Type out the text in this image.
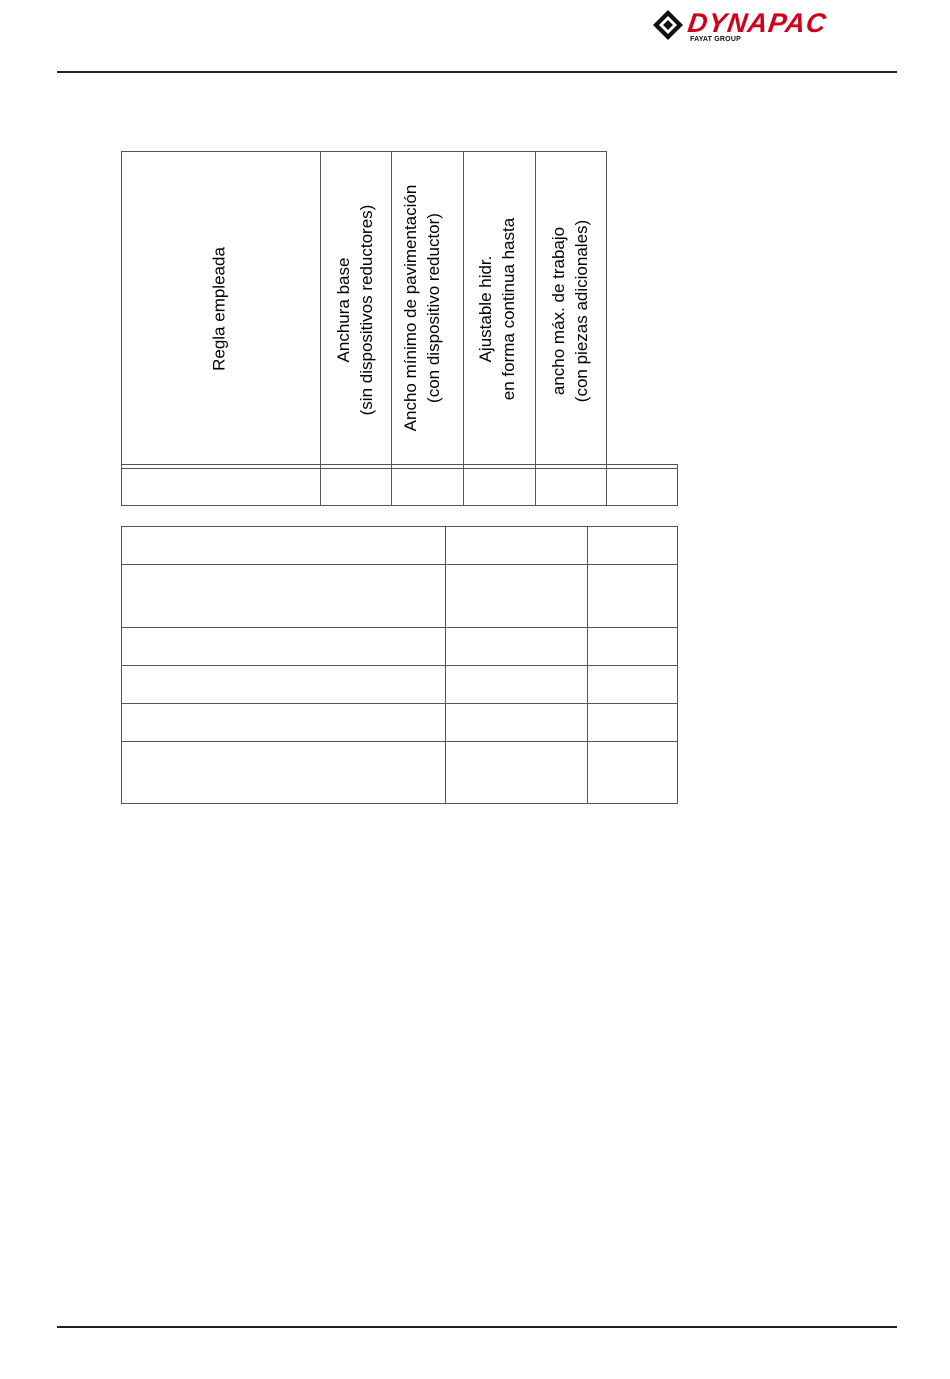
DYNAPAC
FAYAT GROUP
Regla empleada	Anchura base (sin dispositivos reductores) Ancho mínimo de pavimentación (con dispositivo reductor) Ajustable hidr. en forma continua hasta ancho máx. de trabajo (con piezas adicionales)
